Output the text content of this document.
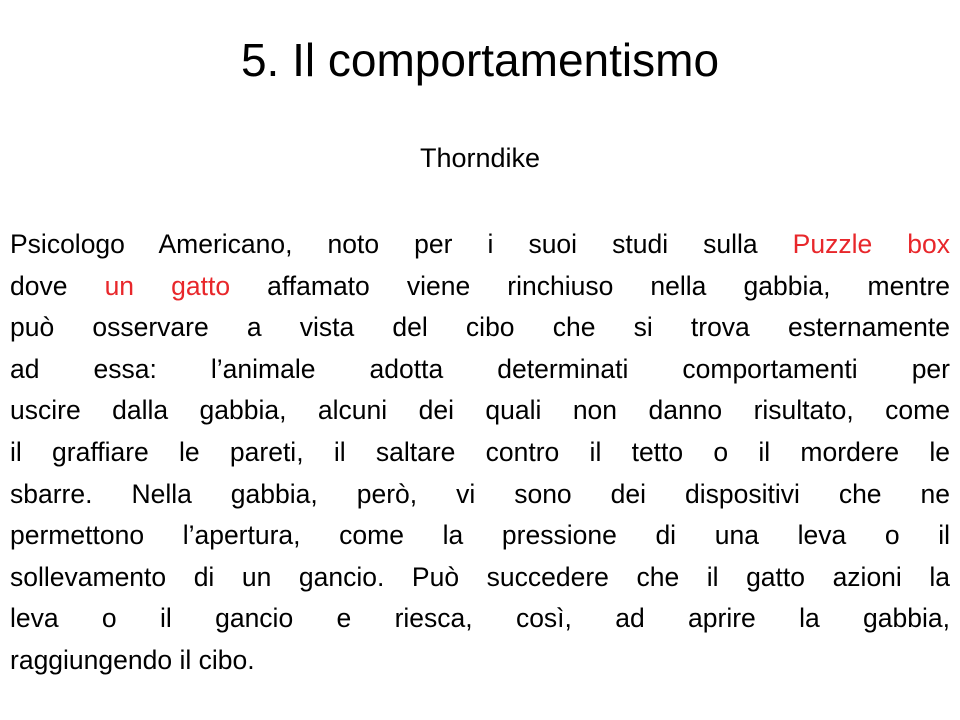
5. Il comportamentismo
Thorndike
Psicologo Americano, noto per i suoi studi sulla Puzzle box
dove un gatto affamato viene rinchiuso nella gabbia, mentre
può osservare a vista del cibo che si trova esternamente
ad essa: l’animale adotta determinati comportamenti per
uscire dalla gabbia, alcuni dei quali non danno risultato, come
il graffiare le pareti, il saltare contro il tetto o il mordere le
sbarre. Nella gabbia, però, vi sono dei dispositivi che ne
permettono l’apertura, come la pressione di una leva o il
sollevamento di un gancio. Può succedere che il gatto azioni la
leva o il gancio e riesca, così, ad aprire la gabbia,
raggiungendo il cibo.
